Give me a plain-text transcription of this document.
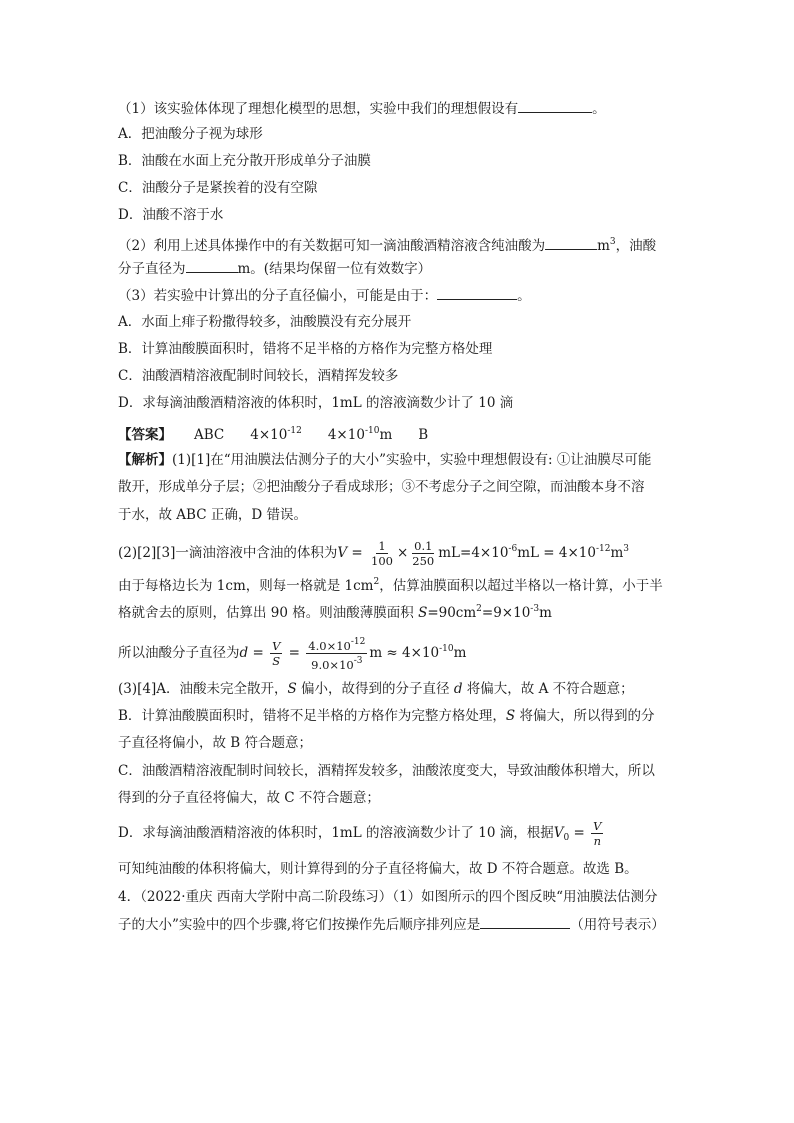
（1）该实验体体现了理想化模型的思想，实验中我们的理想假设有	。
A．把油酸分子视为球形
B．油酸在水面上充分散开形成单分子油膜
C．油酸分子是紧挨着的没有空隙
D．油酸不溶于水
（2）利用上述具体操作中的有关数据可知一滴油酸酒精溶液含纯油酸为	$m^3$，油酸
分子直径为	m。(结果均保留一位有效数字）
（3）若实验中计算出的分子直径偏小，可能是由于：	。
A．水面上痱子粉撒得较多，油酸膜没有充分展开
B．计算油酸膜面积时，错将不足半格的方格作为完整方格处理
C．油酸酒精溶液配制时间较长，酒精挥发较多
D．求每滴油酸酒精溶液的体积时，1mL 的溶液滴数少计了 10 滴
【答案】 ABC $4\times 10^{-12}$ $4\times 10^{-10}m$ B
【解析】(1)[1]在“用油膜法估测分子的大小”实验中，实验中理想假设有: ①让油膜尽可能
散开，形成单分子层；②把油酸分子看成球形；③不考虑分子之间空隙，而油酸本身不溶
于水，故 ABC 正确，D 错误。
(2)[2][3]一滴油溶液中含油的体积为$V = \frac{1}{100} \times \frac{0.1}{250} mL=4\times 10^{-6}mL = 4\times 10^{-12}m^3$
由于每格边长为 1cm，则每一格就是 $1cm^2$，估算油膜面积以超过半格以一格计算，小于半
格就舍去的原则，估算出 90 格。则油酸薄膜面积 $S=90cm^2=9\times 10^{-3}m$
所以油酸分子直径为$d = \frac{V}{S} = \frac{4.0\times 10^{-12}}{9.0\times 10^{-3}}$ $m \approx 4\times 10^{-10}m$
(3)[4]A．油酸未完全散开，S 偏小，故得到的分子直径 d 将偏大，故 A 不符合题意；
B．计算油酸膜面积时，错将不足半格的方格作为完整方格处理，S 将偏大，所以得到的分
子直径将偏小，故 B 符合题意；
C．油酸酒精溶液配制时间较长，酒精挥发较多，油酸浓度变大，导致油酸体积增大，所以
得到的分子直径将偏大，故 C 不符合题意；
D．求每滴油酸酒精溶液的体积时，1mL 的溶液滴数少计了 10 滴，根据$V_0 = \frac{V}{n}$
可知纯油酸的体积将偏大，则计算得到的分子直径将偏大，故 D 不符合题意。故选 B。
4．（2022·重庆 西南大学附中高二阶段练习）（1）如图所示的四个图反映“用油膜法估测分
子的大小”实验中的四个步骤,将它们按操作先后顺序排列应是	（用符号表示）
